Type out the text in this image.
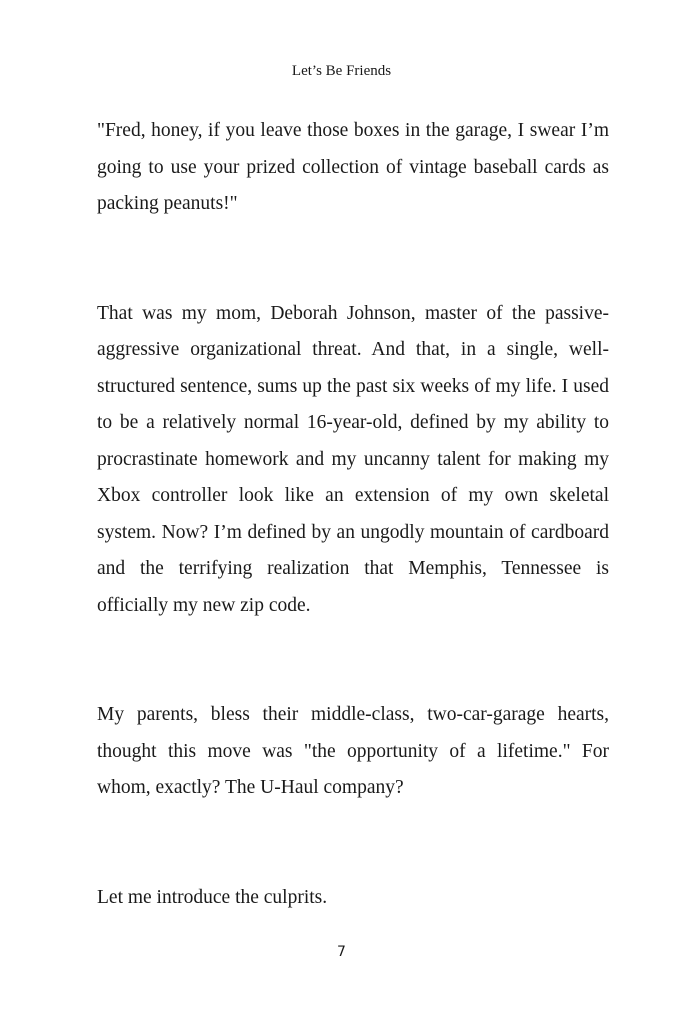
Let’s Be Friends

"Fred, honey, if you leave those boxes in the garage, I swear I’m going to use your prized collection of vintage baseball cards as packing peanuts!"

That was my mom, Deborah Johnson, master of the passive-aggressive organizational threat. And that, in a single, well-structured sentence, sums up the past six weeks of my life. I used to be a relatively normal 16-year-old, defined by my ability to procrastinate homework and my uncanny talent for making my Xbox controller look like an extension of my own skeletal system. Now? I’m defined by an ungodly mountain of cardboard and the terrifying realization that Memphis, Tennessee is officially my new zip code.

My parents, bless their middle-class, two-car-garage hearts, thought this move was "the opportunity of a lifetime." For whom, exactly? The U-Haul company?

Let me introduce the culprits.

7
